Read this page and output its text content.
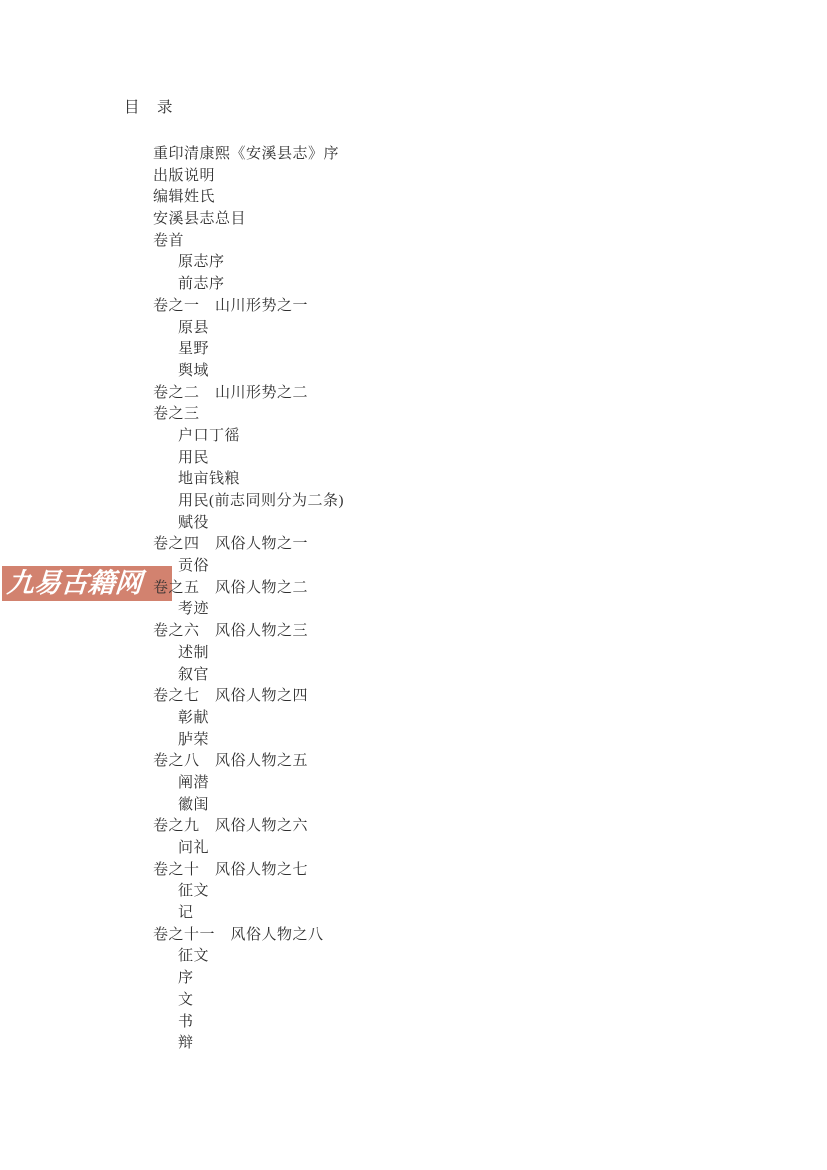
九易古籍网
目　录
重印清康熙《安溪县志》序
出版说明
编辑姓氏
安溪县志总目
卷首
原志序
前志序
卷之一　山川形势之一
原县
星野
舆域
卷之二　山川形势之二
卷之三
户口丁徭
用民
地亩钱粮
用民(前志同则分为二条)
赋役
卷之四　风俗人物之一
贡俗
卷之五　风俗人物之二
考迹
卷之六　风俗人物之三
述制
叙官
卷之七　风俗人物之四
彰献
胪荣
卷之八　风俗人物之五
阐潜
徽闺
卷之九　风俗人物之六
问礼
卷之十　风俗人物之七
征文
记
卷之十一　风俗人物之八
征文
序
文
书
辩
